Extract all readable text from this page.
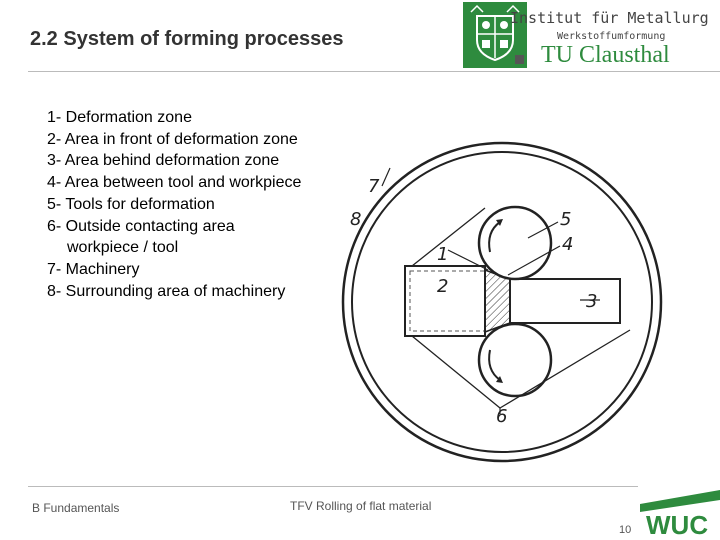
2.2 System of forming processes
Institut für Metallurg
Werkstoffumformung
TU Clausthal
1- Deformation zone
2- Area in front of deformation zone
3- Area behind deformation zone
4- Area between tool and workpiece
5- Tools for deformation
6- Outside contacting area
workpiece / tool
7- Machinery
8- Surrounding area of machinery
1
2
3
4
5
6
7
8
B Fundamentals	TFV Rolling of flat material
10 WUC
